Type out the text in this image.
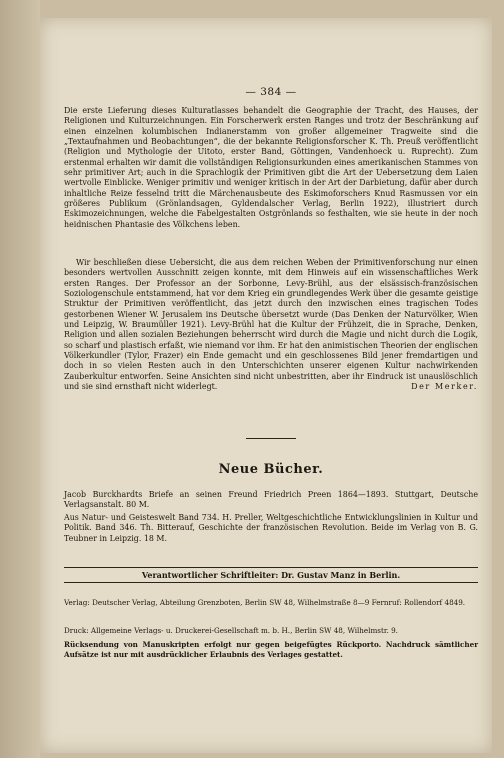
— 384 —
Die erste Lieferung dieses Kulturatlasses behandelt die Geographie der Tracht, des Hauses, der Religionen und Kulturzeichnungen. Ein Forscherwerk ersten Ranges und trotz der Beschränkung auf einen einzelnen kolumbischen Indianerstamm von großer allgemeiner Tragweite sind die „Textaufnahmen und Beobachtungen“, die der bekannte Religionsforscher K. Th. Preuß veröffentlicht (Religion und Mythologie der Uitoto, erster Band, Göttingen, Vandenhoeck u. Ruprecht). Zum erstenmal erhalten wir damit die vollständigen Religionsurkunden eines amerikanischen Stammes von sehr primitiver Art; auch in die Sprachlogik der Primitiven gibt die Art der Uebersetzung dem Laien wertvolle Einblicke. Weniger primitiv und weniger kritisch in der Art der Darbietung, dafür aber durch inhaltliche Reize fesselnd tritt die Märchenausbeute des Eskimoforschers Knud Rasmussen vor ein größeres Publikum (Grönlandsagen, Gyldendalscher Verlag, Berlin 1922), illustriert durch Eskimozeichnungen, welche die Fabelgestalten Ostgrönlands so festhalten, wie sie heute in der noch heidnischen Phantasie des Völkchens leben.
Wir beschließen diese Uebersicht, die aus dem reichen Weben der Primitivenforschung nur einen besonders wertvollen Ausschnitt zeigen konnte, mit dem Hinweis auf ein wissenschaftliches Werk ersten Ranges. Der Professor an der Sorbonne, Levy-Brühl, aus der elsässisch-französischen Soziologenschule entstammend, hat vor dem Krieg ein grundlegendes Werk über die gesamte geistige Struktur der Primitiven veröffentlicht, das jetzt durch den inzwischen eines tragischen Todes gestorbenen Wiener W. Jerusalem ins Deutsche übersetzt wurde (Das Denken der Naturvölker, Wien und Leipzig, W. Braumüller 1921). Levy-Brühl hat die Kultur der Frühzeit, die in Sprache, Denken, Religion und allen sozialen Beziehungen beherrscht wird durch die Magie und nicht durch die Logik, so scharf und plastisch erfaßt, wie niemand vor ihm. Er hat den animistischen Theorien der englischen Völkerkundler (Tylor, Frazer) ein Ende gemacht und ein geschlossenes Bild jener fremdartigen und doch in so vielen Resten auch in den Unterschichten unserer eigenen Kultur nachwirkenden Zauberkultur entworfen. Seine Ansichten sind nicht unbestritten, aber ihr Eindruck ist unauslöschlich und sie sind ernsthaft nicht widerlegt.	Der Merker.
Neue Bücher.
Jacob Burckhardts Briefe an seinen Freund Friedrich Preen 1864—1893. Stuttgart, Deutsche Verlagsanstalt. 80 M.
Aus Natur- und Geisteswelt Band 734. H. Preller, Weltgeschichtliche Entwicklungslinien in Kultur und Politik. Band 346. Th. Bitterauf, Geschichte der französischen Revolution. Beide im Verlag von B. G. Teubner in Leipzig. 18 M.
Verantwortlicher Schriftleiter: Dr. Gustav Manz in Berlin.
Verlag: Deutscher Verlag, Abteilung Grenzboten, Berlin SW 48, Wilhelmstraße 8—9 Fernruf: Rollendorf 4849.
Druck: Allgemeine Verlags- u. Druckerei-Gesellschaft m. b. H., Berlin SW 48, Wilhelmstr. 9.
Rücksendung von Manuskripten erfolgt nur gegen beigefügtes Rückporto. Nachdruck sämtlicher Aufsätze ist nur mit ausdrücklicher Erlaubnis des Verlages gestattet.
